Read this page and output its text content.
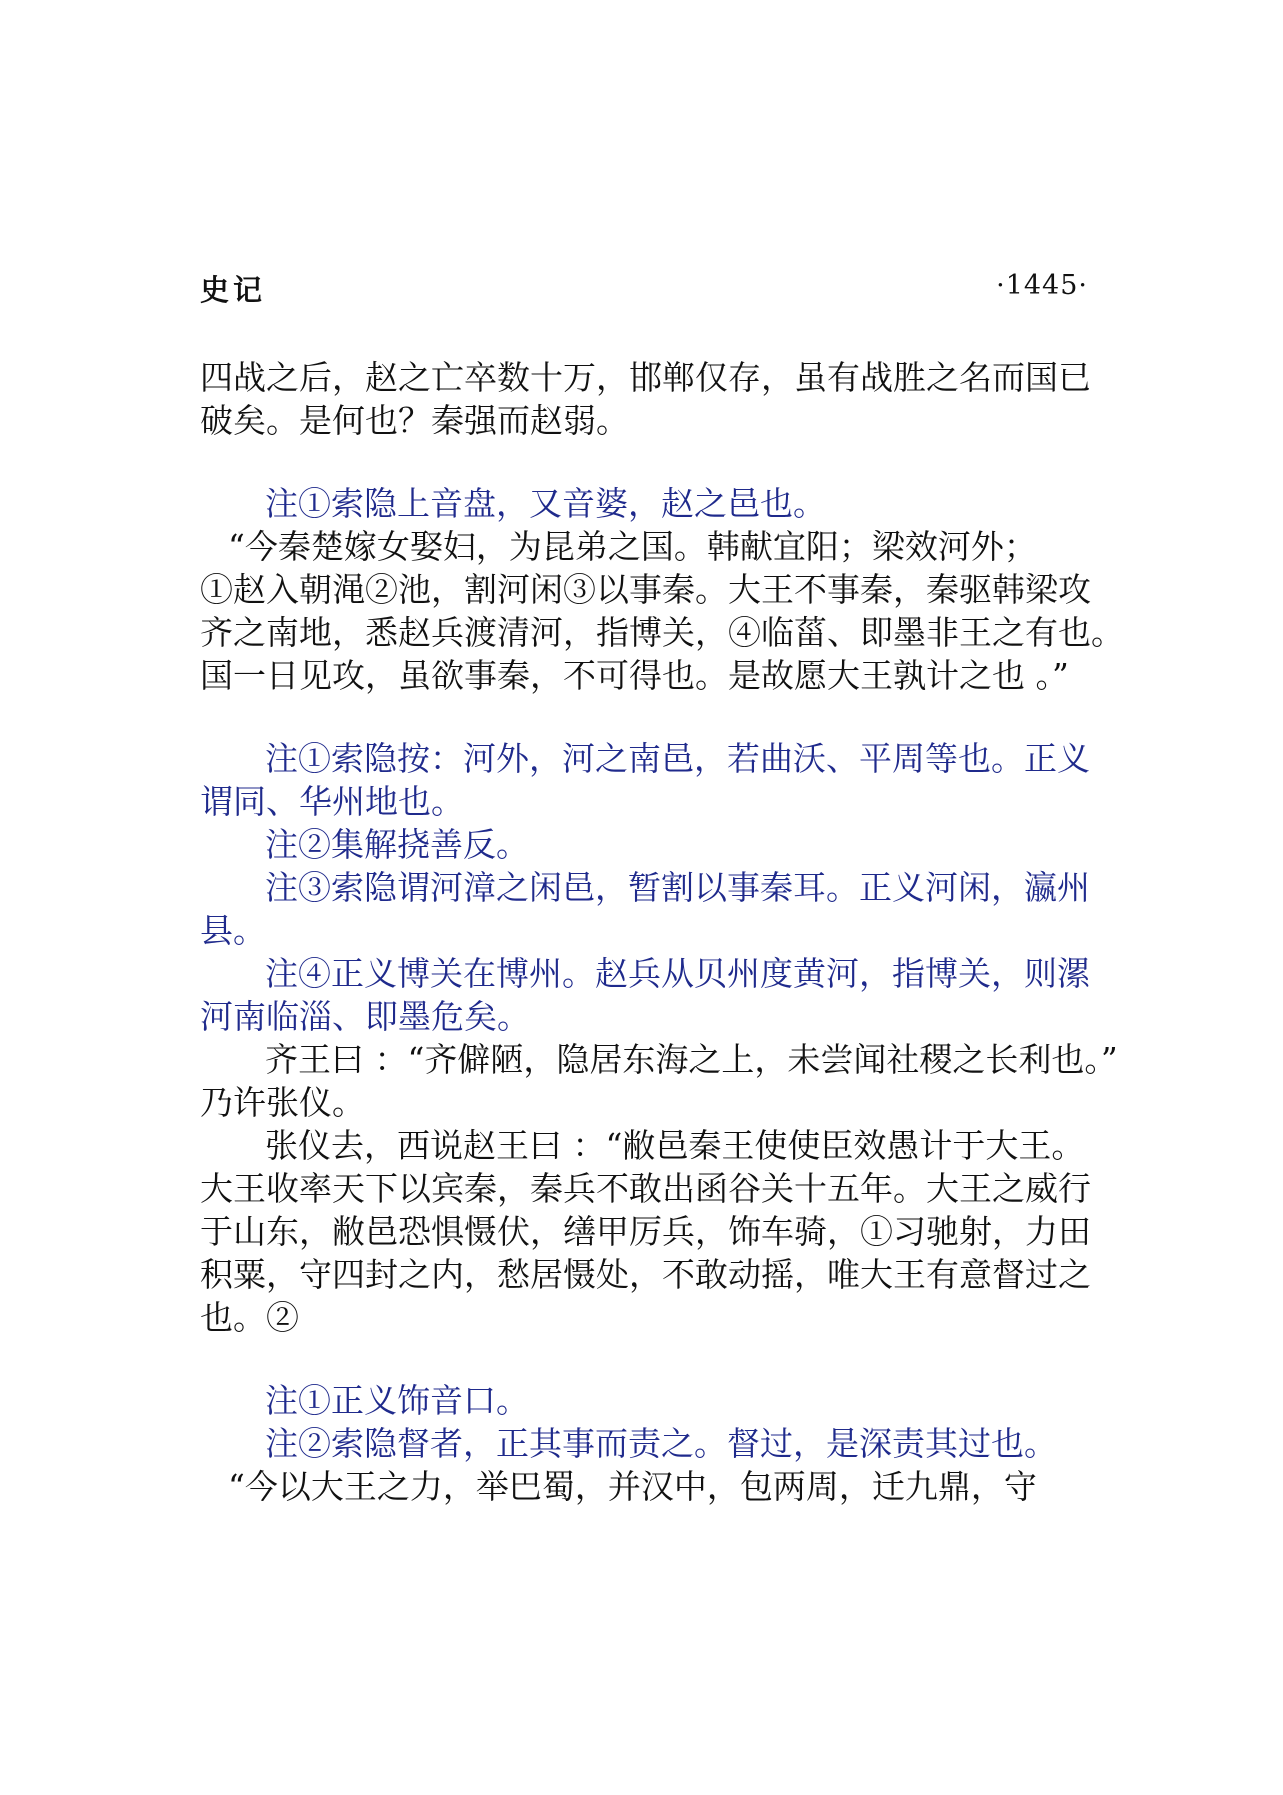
史记	·1445·
四战之后，赵之亡卒数十万，邯郸仅存，虽有战胜之名而国已
破矣。是何也？秦强而赵弱。
注①索隐上音盘，又音婆，赵之邑也。
“今秦楚嫁女娶妇，为昆弟之国。韩献宜阳；梁效河外；
①赵入朝渑②池，割河闲③以事秦。大王不事秦，秦驱韩梁攻
齐之南地，悉赵兵渡清河，指博关，④临菑、即墨非王之有也。
国一日见攻，虽欲事秦，不可得也。是故愿大王孰计之也 。”
注①索隐按：河外，河之南邑，若曲沃、平周等也。正义
谓同、华州地也。
注②集解挠善反。
注③索隐谓河漳之闲邑，暂割以事秦耳。正义河闲，瀛州
县。
注④正义博关在博州。赵兵从贝州度黄河，指博关，则漯
河南临淄、即墨危矣。
齐王曰 ：“齐僻陋，隐居东海之上，未尝闻社稷之长利也。”
乃许张仪。
张仪去，西说赵王曰 ：“敝邑秦王使使臣效愚计于大王。
大王收率天下以宾秦，秦兵不敢出函谷关十五年。大王之威行
于山东，敝邑恐惧慑伏，缮甲厉兵，饰车骑，①习驰射，力田
积粟，守四封之内，愁居慑处，不敢动摇，唯大王有意督过之
也。②
注①正义饰音口。
注②索隐督者，正其事而责之。督过，是深责其过也。
“今以大王之力，举巴蜀，并汉中，包两周，迁九鼎，守
